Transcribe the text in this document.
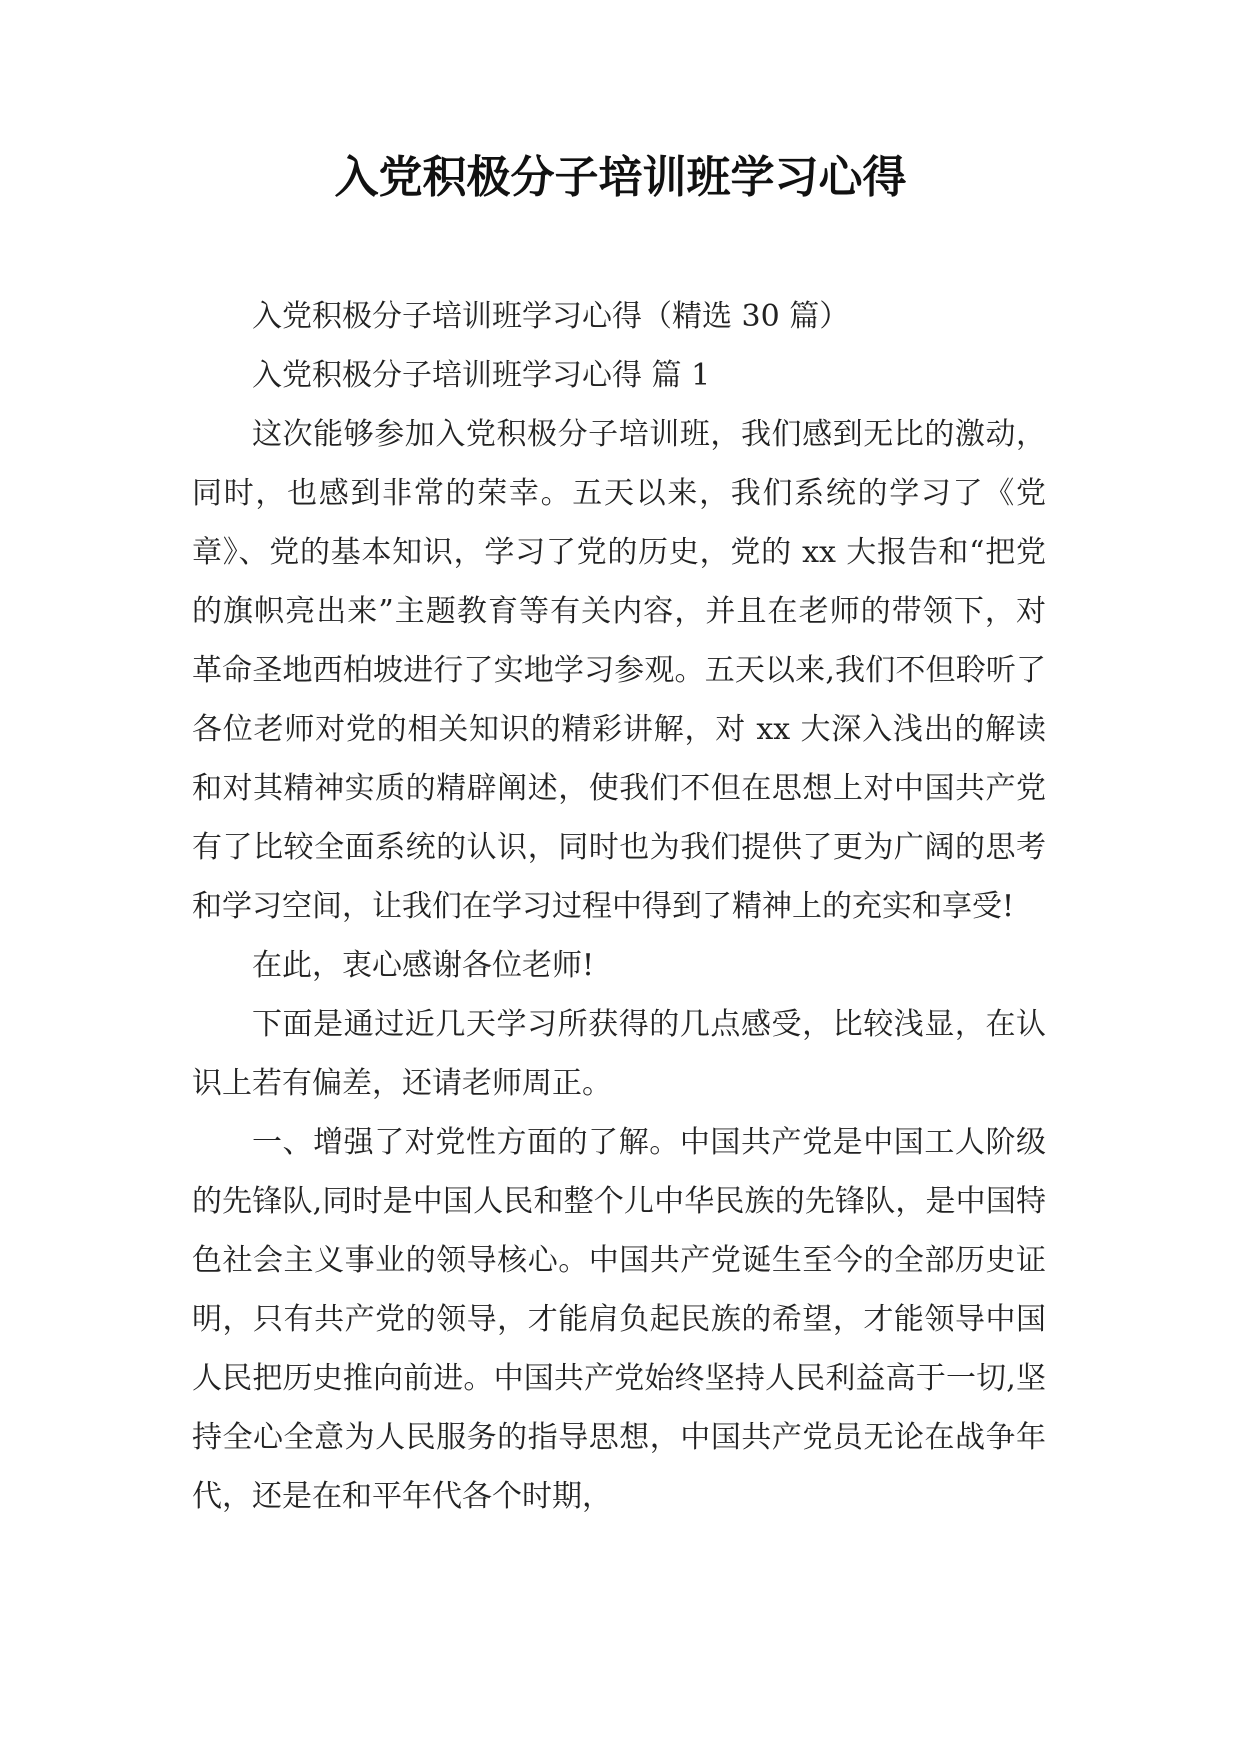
入党积极分子培训班学习心得

入党积极分子培训班学习心得（精选 30 篇）

入党积极分子培训班学习心得 篇 1

这次能够参加入党积极分子培训班，我们感到无比的激动，同时，也感到非常的荣幸。五天以来，我们系统的学习了《党章》、党的基本知识，学习了党的历史，党的 xx 大报告和“把党的旗帜亮出来”主题教育等有关内容，并且在老师的带领下，对革命圣地西柏坡进行了实地学习参观。五天以来,我们不但聆听了各位老师对党的相关知识的精彩讲解，对 xx 大深入浅出的解读和对其精神实质的精辟阐述，使我们不但在思想上对中国共产党有了比较全面系统的认识，同时也为我们提供了更为广阔的思考和学习空间，让我们在学习过程中得到了精神上的充实和享受!

在此，衷心感谢各位老师!

下面是通过近几天学习所获得的几点感受，比较浅显，在认识上若有偏差，还请老师周正。

一、增强了对党性方面的了解。中国共产党是中国工人阶级的先锋队,同时是中国人民和整个儿中华民族的先锋队，是中国特色社会主义事业的领导核心。中国共产党诞生至今的全部历史证明，只有共产党的领导，才能肩负起民族的希望，才能领导中国人民把历史推向前进。中国共产党始终坚持人民利益高于一切,坚持全心全意为人民服务的指导思想，中国共产党员无论在战争年代，还是在和平年代各个时期，
